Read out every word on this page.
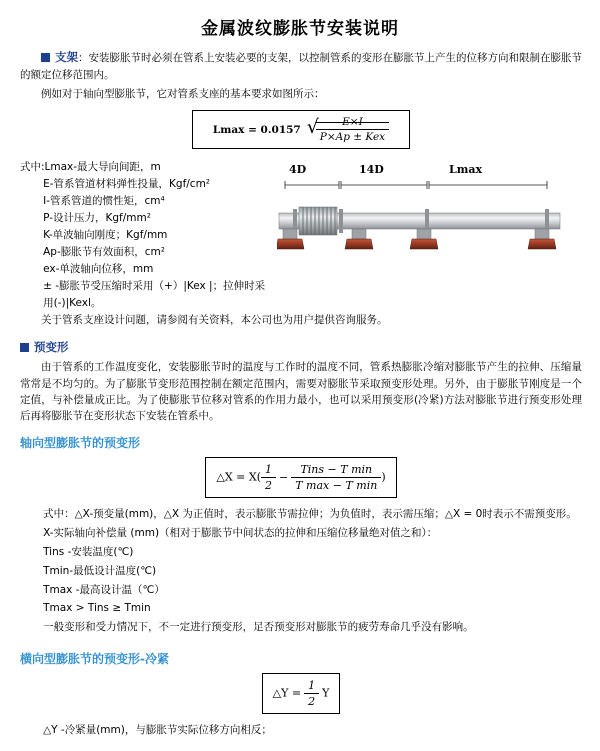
金属波纹膨胀节安装说明

支架：安装膨胀节时必须在管系上安装必要的支架，以控制管系的变形在膨胀节上产生的位移方向和限制在膨胀节的额定位移范围内。

例如对于轴向型膨胀节，它对管系支座的基本要求如图所示：

Lmax = 0.0157 √ $\frac{E\times I}{\text{P×Ap ± Kex}}$
式中:Lmax-最大导向间距，m
E-管系管道材料弹性投量，Kgf/cm²
I-管系管道的惯性矩，cm⁴
P-设计压力，Kgf/mm²
K-单波轴向刚度；Kgf/mm
Ap-膨胀节有效面积，cm²
ex-单波轴向位移，mm
± -膨胀节受压缩时采用（+）|Kex |；拉伸时采用(-)|Kexl。
4D	14D	Lmax

关于管系支座设计问题，请参阅有关资料，本公司也为用户提供咨询服务。

预变形

由于管系的工作温度变化，安装膨胀节时的温度与工作时的温度不同，管系热膨胀冷缩对膨胀节产生的拉伸、压缩量常常是不均匀的。为了膨胀节变形范围控制在额定范围内，需要对膨胀节采取预变形处理。另外，由于膨胀节刚度是一个定值，与补偿量成正比。为了使膨胀节位移对管系的作用力最小，也可以采用预变形(冷紧)方法对膨胀节进行预变形处理后再将膨胀节在变形状态下安装在管系中。

轴向型膨胀节的预变形
△X = $X( \frac{1}{2} - \frac{\text{Tins − T min}}{\text{T max − T min}}$ )
式中：△X-预变量(mm)，△X 为正值时，表示膨胀节需拉伸；为负值时，表示需压缩；△X = 0时表示不需预变形。
X-实际轴向补偿量 (mm)（相对于膨胀节中间状态的拉伸和压缩位移量绝对值之和）：
Tins -安装温度(℃)
Tmin-最低设计温度(℃)
Tmax -最高设计温（℃）
Tmax > Tins ≥ Tmin
一般变形和受力情况下，不一定进行预变形，足否预变形对膨胀节的疲劳寿命几乎没有影响。
横向型膨胀节的预变形-冷紧
△Y = $\frac{1}{2}$ Y
△Y -冷紧量(mm)，与膨胀节实际位移方向相反；
